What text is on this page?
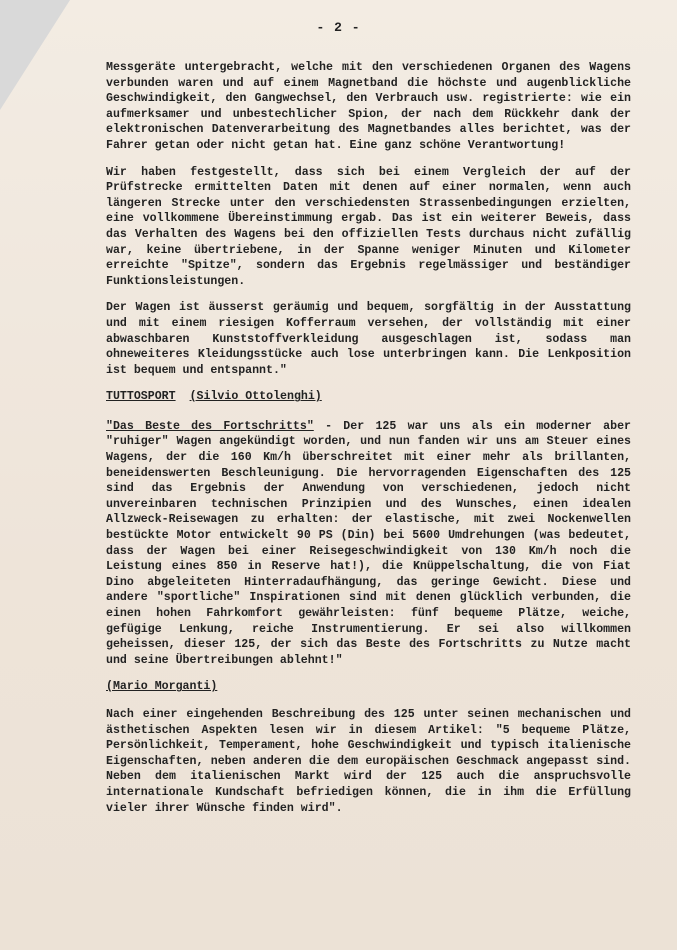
- 2 -

Messgeräte untergebracht, welche mit den verschiedenen Organen des Wagens verbunden waren und auf einem Magnetband die höchste und augenblickliche Geschwindigkeit, den Gangwechsel, den Verbrauch usw. registrierte: wie ein aufmerksamer und unbestechlicher Spion, der nach dem Rückkehr dank der elektronischen Datenverarbeitung des Magnetbandes alles berichtet, was der Fahrer getan oder nicht getan hat. Eine ganz schöne Verantwortung!

Wir haben festgestellt, dass sich bei einem Vergleich der auf der Prüfstrecke ermittelten Daten mit denen auf einer normalen, wenn auch längeren Strecke unter den verschiedensten Strassenbedingungen erzielten, eine vollkommene Übereinstimmung ergab. Das ist ein weiterer Beweis, dass das Verhalten des Wagens bei den offiziellen Tests durchaus nicht zufällig war, keine übertriebene, in der Spanne weniger Minuten und Kilometer erreichte "Spitze", sondern das Ergebnis regelmässiger und beständiger Funktionsleistungen.

Der Wagen ist äusserst geräumig und bequem, sorgfältig in der Ausstattung und mit einem riesigen Kofferraum versehen, der vollständig mit einer abwaschbaren Kunststoffverkleidung ausgeschlagen ist, sodass man ohneweiteres Kleidungsstücke auch lose unterbringen kann. Die Lenkposition ist bequem und entspannt."

TUTTOSPORT (Silvio Ottolenghi)

"Das Beste des Fortschritts" - Der 125 war uns als ein moderner aber "ruhiger" Wagen angekündigt worden, und nun fanden wir uns am Steuer eines Wagens, der die 160 Km/h überschreitet mit einer mehr als brillanten, beneidenswerten Beschleunigung. Die hervorragenden Eigenschaften des 125 sind das Ergebnis der Anwendung von verschiedenen, jedoch nicht unvereinbaren technischen Prinzipien und des Wunsches, einen idealen Allzweck-Reisewagen zu erhalten: der elastische, mit zwei Nockenwellen bestückte Motor entwickelt 90 PS (Din) bei 5600 Umdrehungen (was bedeutet, dass der Wagen bei einer Reisegeschwindigkeit von 130 Km/h noch die Leistung eines 850 in Reserve hat!), die Knüppelschaltung, die von Fiat Dino abgeleiteten Hinterradaufhängung, das geringe Gewicht. Diese und andere "sportliche" Inspirationen sind mit denen glücklich verbunden, die einen hohen Fahrkomfort gewährleisten: fünf bequeme Plätze, weiche, gefügige Lenkung, reiche Instrumentierung. Er sei also willkommen geheissen, dieser 125, der sich das Beste des Fortschritts zu Nutze macht und seine Übertreibungen ablehnt!"

(Mario Morganti)

Nach einer eingehenden Beschreibung des 125 unter seinen mechanischen und ästhetischen Aspekten lesen wir in diesem Artikel: "5 bequeme Plätze, Persönlichkeit, Temperament, hohe Geschwindigkeit und typisch italienische Eigenschaften, neben anderen die dem europäischen Geschmack angepasst sind. Neben dem italienischen Markt wird der 125 auch die anspruchsvolle internationale Kundschaft befriedigen können, die in ihm die Erfüllung vieler ihrer Wünsche finden wird".
